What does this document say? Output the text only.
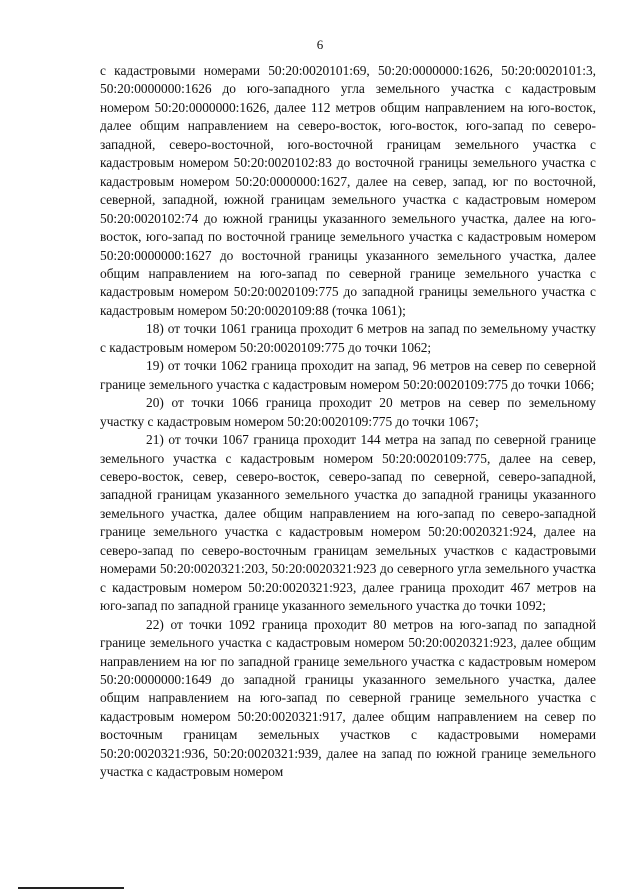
6

с кадастровыми номерами 50:20:0020101:69, 50:20:0000000:1626, 50:20:0020101:3, 50:20:0000000:1626 до юго-западного угла земельного участка с кадастровым номером 50:20:0000000:1626, далее 112 метров общим направлением на юго-восток, далее общим направлением на северо-восток, юго-восток, юго-запад по северо-западной, северо-восточной, юго-восточной границам земельного участка с кадастровым номером 50:20:0020102:83 до восточной границы земельного участка с кадастровым номером 50:20:0000000:1627, далее на север, запад, юг по восточной, северной, западной, южной границам земельного участка с кадастровым номером 50:20:0020102:74 до южной границы указанного земельного участка, далее на юго-восток, юго-запад по восточной границе земельного участка с кадастровым номером 50:20:0000000:1627 до восточной границы указанного земельного участка, далее общим направлением на юго-запад по северной границе земельного участка с кадастровым номером 50:20:0020109:775 до западной границы земельного участка с кадастровым номером 50:20:0020109:88 (точка 1061);

18) от точки 1061 граница проходит 6 метров на запад по земельному участку с кадастровым номером 50:20:0020109:775 до точки 1062;

19) от точки 1062 граница проходит на запад, 96 метров на север по северной границе земельного участка с кадастровым номером 50:20:0020109:775 до точки 1066;

20) от точки 1066 граница проходит 20 метров на север по земельному участку с кадастровым номером 50:20:0020109:775 до точки 1067;

21) от точки 1067 граница проходит 144 метра на запад по северной границе земельного участка с кадастровым номером 50:20:0020109:775, далее на север, северо-восток, север, северо-восток, северо-запад по северной, северо-западной, западной границам указанного земельного участка до западной границы указанного земельного участка, далее общим направлением на юго-запад по северо-западной границе земельного участка с кадастровым номером 50:20:0020321:924, далее на северо-запад по северо-восточным границам земельных участков с кадастровыми номерами 50:20:0020321:203, 50:20:0020321:923 до северного угла земельного участка с кадастровым номером 50:20:0020321:923, далее граница проходит 467 метров на юго-запад по западной границе указанного земельного участка до точки 1092;

22) от точки 1092 граница проходит 80 метров на юго-запад по западной границе земельного участка с кадастровым номером 50:20:0020321:923, далее общим направлением на юг по западной границе земельного участка с кадастровым номером 50:20:0000000:1649 до западной границы указанного земельного участка, далее общим направлением на юго-запад по северной границе земельного участка с кадастровым номером 50:20:0020321:917, далее общим направлением на север по восточным границам земельных участков с кадастровыми номерами 50:20:0020321:936, 50:20:0020321:939, далее на запад по южной границе земельного участка с кадастровым номером
